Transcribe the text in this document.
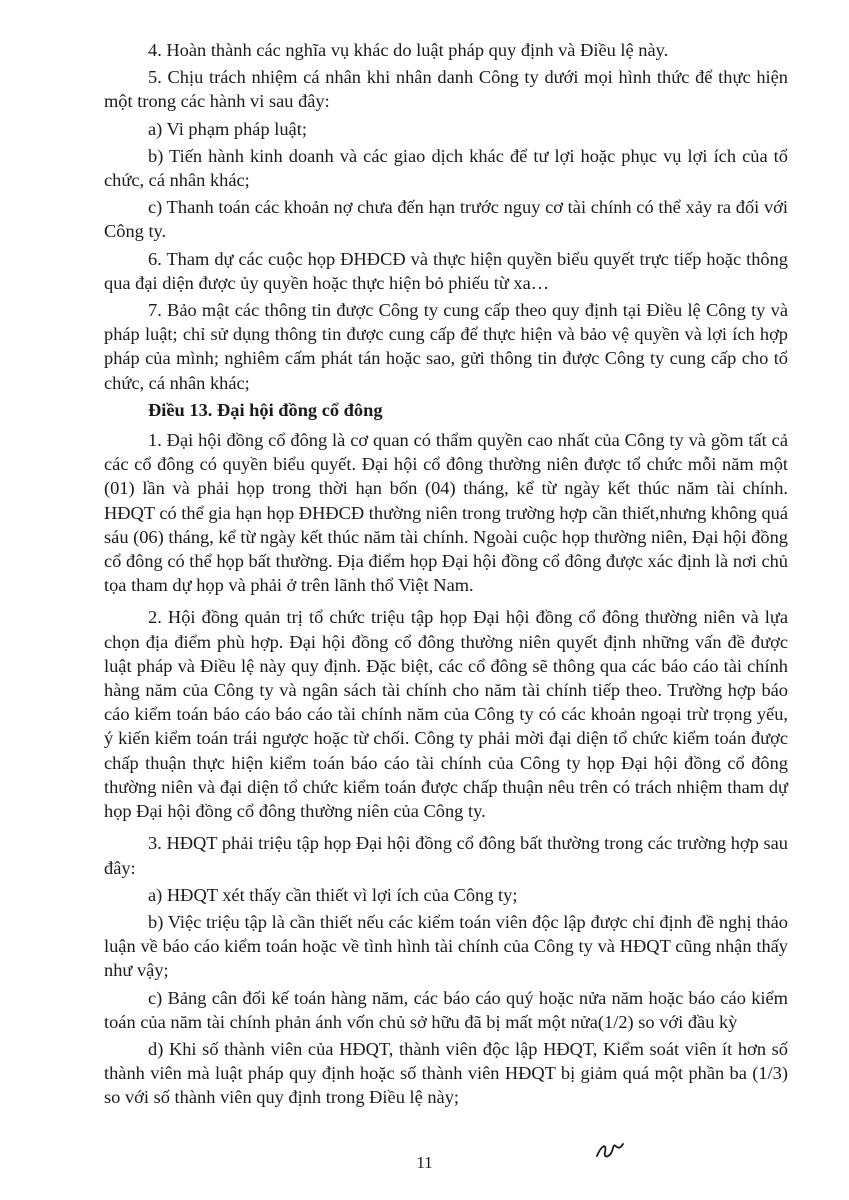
4. Hoàn thành các nghĩa vụ khác do luật pháp quy định và Điều lệ này.

5. Chịu trách nhiệm cá nhân khi nhân danh Công ty dưới mọi hình thức để thực hiện một trong các hành vi sau đây:

a) Vi phạm pháp luật;

b) Tiến hành kinh doanh và các giao dịch khác để tư lợi hoặc phục vụ lợi ích của tổ chức, cá nhân khác;

c) Thanh toán các khoản nợ chưa đến hạn trước nguy cơ tài chính có thể xảy ra đối với Công ty.

6. Tham dự các cuộc họp ĐHĐCĐ và thực hiện quyền biểu quyết trực tiếp hoặc thông qua đại diện được ủy quyền hoặc thực hiện bỏ phiếu từ xa…

7. Bảo mật các thông tin được Công ty cung cấp theo quy định tại Điều lệ Công ty và pháp luật; chỉ sử dụng thông tin được cung cấp để thực hiện và bảo vệ quyền và lợi ích hợp pháp của mình; nghiêm cấm phát tán hoặc sao, gửi thông tin được Công ty cung cấp cho tổ chức, cá nhân khác;

Điều 13. Đại hội đồng cổ đông

1. Đại hội đồng cổ đông là cơ quan có thẩm quyền cao nhất của Công ty và gồm tất cả các cổ đông có quyền biểu quyết. Đại hội cổ đông thường niên được tổ chức mỗi năm một (01) lần và phải họp trong thời hạn bốn (04) tháng, kể từ ngày kết thúc năm tài chính. HĐQT có thể gia hạn họp ĐHĐCĐ thường niên trong trường hợp cần thiết,nhưng không quá sáu (06) tháng, kể từ ngày kết thúc năm tài chính. Ngoài cuộc họp thường niên, Đại hội đồng cổ đông có thể họp bất thường. Địa điểm họp Đại hội đồng cổ đông được xác định là nơi chủ tọa tham dự họp và phải ở trên lãnh thổ Việt Nam.

2. Hội đồng quản trị tổ chức triệu tập họp Đại hội đồng cổ đông thường niên và lựa chọn địa điểm phù hợp. Đại hội đồng cổ đông thường niên quyết định những vấn đề được luật pháp và Điều lệ này quy định. Đặc biệt, các cổ đông sẽ thông qua các báo cáo tài chính hàng năm của Công ty và ngân sách tài chính cho năm tài chính tiếp theo. Trường hợp báo cáo kiểm toán báo cáo báo cáo tài chính năm của Công ty có các khoản ngoại trừ trọng yếu, ý kiến kiểm toán trái ngược hoặc từ chối. Công ty phải mời đại diện tổ chức kiểm toán được chấp thuận thực hiện kiểm toán báo cáo tài chính của Công ty họp Đại hội đồng cổ đông thường niên và đại diện tổ chức kiểm toán được chấp thuận nêu trên có trách nhiệm tham dự họp Đại hội đồng cổ đông thường niên của Công ty.

3. HĐQT phải triệu tập họp Đại hội đồng cổ đông bất thường trong các trường hợp sau đây:

a) HĐQT xét thấy cần thiết vì lợi ích của Công ty;

b) Việc triệu tập là cần thiết nếu các kiểm toán viên độc lập được chỉ định đề nghị thảo luận về báo cáo kiểm toán hoặc về tình hình tài chính của Công ty và HĐQT cũng nhận thấy như vậy;

c) Bảng cân đối kế toán hàng năm, các báo cáo quý hoặc nửa năm hoặc báo cáo kiểm toán của năm tài chính phản ánh vốn chủ sở hữu đã bị mất một nửa(1/2) so với đầu kỳ

d) Khi số thành viên của HĐQT, thành viên độc lập HĐQT, Kiểm soát viên ít hơn số thành viên mà luật pháp quy định hoặc số thành viên HĐQT bị giảm quá một phần ba (1/3) so với số thành viên quy định trong Điều lệ này;

11
